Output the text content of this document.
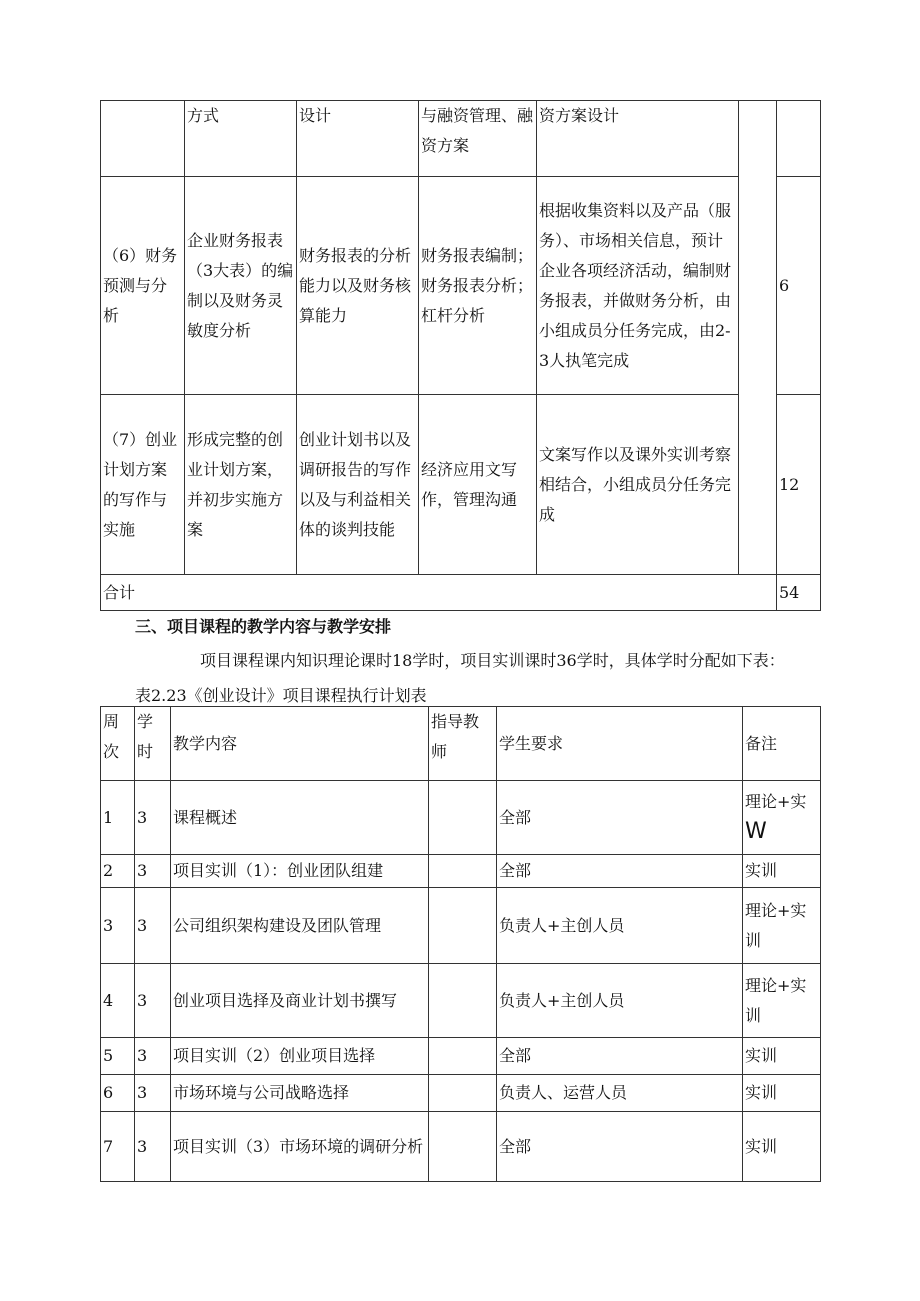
	方式	设计	与融资管理、融资方案	资方案设计		
（6）财务预测与分析	企业财务报表（3大表）的编制以及财务灵敏度分析	财务报表的分析能力以及财务核算能力	财务报表编制；财务报表分析；杠杆分析	根据收集资料以及产品（服务）、市场相关信息，预计企业各项经济活动，编制财务报表，并做财务分析，由小组成员分任务完成，由2-3人执笔完成		6
（7）创业计划方案的写作与实施	形成完整的创业计划方案，并初步实施方案	创业计划书以及调研报告的写作以及与利益相关体的谈判技能	经济应用文写作，管理沟通	文案写作以及课外实训考察相结合，小组成员分任务完成		12
合计						54
三、项目课程的教学内容与教学安排
项目课程课内知识理论课时18学时，项目实训课时36学时，具体学时分配如下表：
表2.23《创业设计》项目课程执行计划表
周次	学时	教学内容	指导教师	学生要求	备注
1	3	课程概述		全部	理论+实
W
2	3	项目实训（1）：创业团队组建		全部	实训
3	3	公司组织架构建设及团队管理		负责人+主创人员	理论+实训
4	3	创业项目选择及商业计划书撰写		负责人+主创人员	理论+实训
5	3	项目实训（2）创业项目选择		全部	实训
6	3	市场环境与公司战略选择		负责人、运营人员	实训
7	3	项目实训（3）市场环境的调研分析		全部	实训
